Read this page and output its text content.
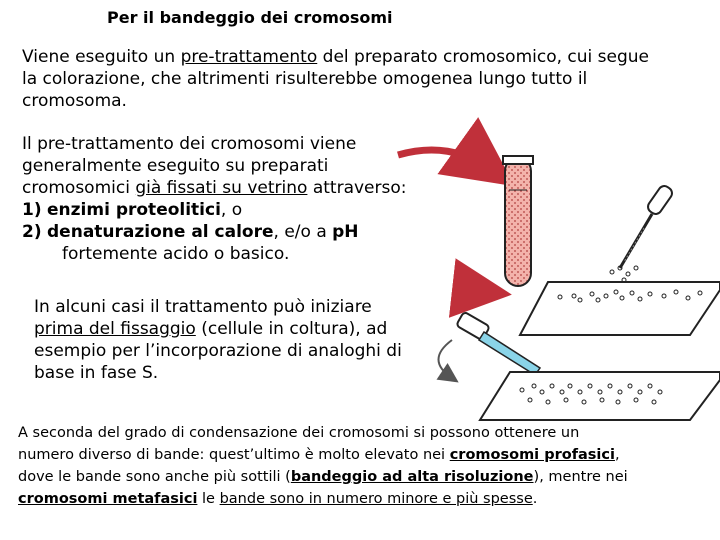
Per il bandeggio dei cromosomi
Viene eseguito un pre-trattamento del preparato cromosomico, cui segue
la colorazione, che altrimenti risulterebbe omogenea lungo tutto il
cromosoma.
Il pre-trattamento dei cromosomi viene
generalmente eseguito su preparati
cromosomici già fissati su vetrino attraverso:
1) enzimi proteolitici, o
2) denaturazione al calore, e/o a pH
fortemente acido o basico.
In alcuni casi il trattamento può iniziare
prima del fissaggio (cellule in coltura), ad
esempio per l’incorporazione di analoghi di
base in fase S.
A seconda del grado di condensazione dei cromosomi si possono ottenere un
numero diverso di bande: quest’ultimo è molto elevato nei cromosomi profasici,
dove le bande sono anche più sottili (bandeggio ad alta risoluzione), mentre nei
cromosomi metafasici le bande sono in numero minore e più spesse.
